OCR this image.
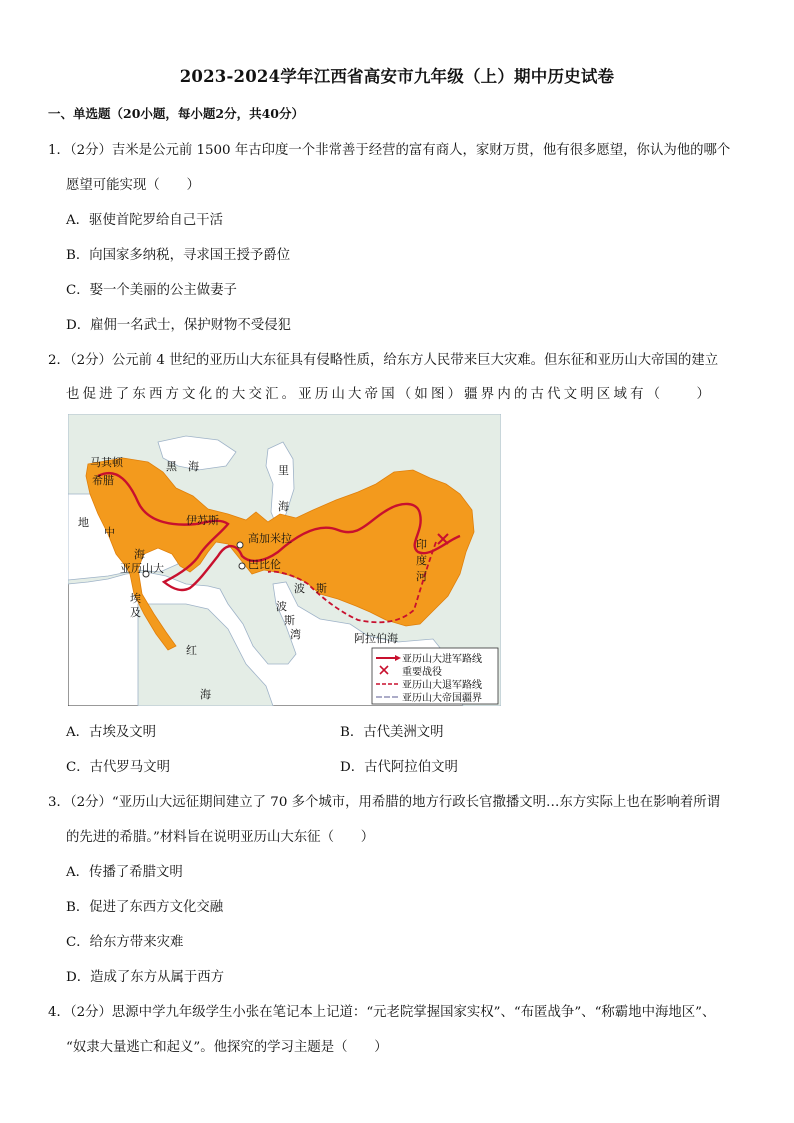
2023-2024学年江西省高安市九年级（上）期中历史试卷
一、单选题（20小题，每小题2分，共40分）
1．（2分）吉米是公元前 1500 年古印度一个非常善于经营的富有商人，家财万贯，他有很多愿望，你认为他的哪个
愿望可能实现（　　）
A．驱使首陀罗给自己干活
B．向国家多纳税，寻求国王授予爵位
C．娶一个美丽的公主做妻子
D．雇佣一名武士，保护财物不受侵犯
2．（2分）公元前 4 世纪的亚历山大东征具有侵略性质，给东方人民带来巨大灾难。但东征和亚历山大帝国的建立
也促进了东西方文化的大交汇。亚历山大帝国（如图）疆界内的古代文明区域有（　　）
马其顿
希腊
黑　海	里
海
地
中
海
伊苏斯
高加米拉
巴比伦
亚历山大
埃
及
波　斯
波
斯
湾	阿拉伯海
印
度
河
红
海
亚历山大进军路线
重要战役
亚历山大退军路线
亚历山大帝国疆界
A．古埃及文明	B．古代美洲文明
C．古代罗马文明	D．古代阿拉伯文明
3．（2分）“亚历山大远征期间建立了 70 多个城市，用希腊的地方行政长官撒播文明…东方实际上也在影响着所谓
的先进的希腊。”材料旨在说明亚历山大东征（　　）
A．传播了希腊文明
B．促进了东西方文化交融
C．给东方带来灾难
D．造成了东方从属于西方
4．（2分）思源中学九年级学生小张在笔记本上记道：“元老院掌握国家实权”、“布匿战争”、“称霸地中海地区”、
“奴隶大量逃亡和起义”。他探究的学习主题是（　　）
